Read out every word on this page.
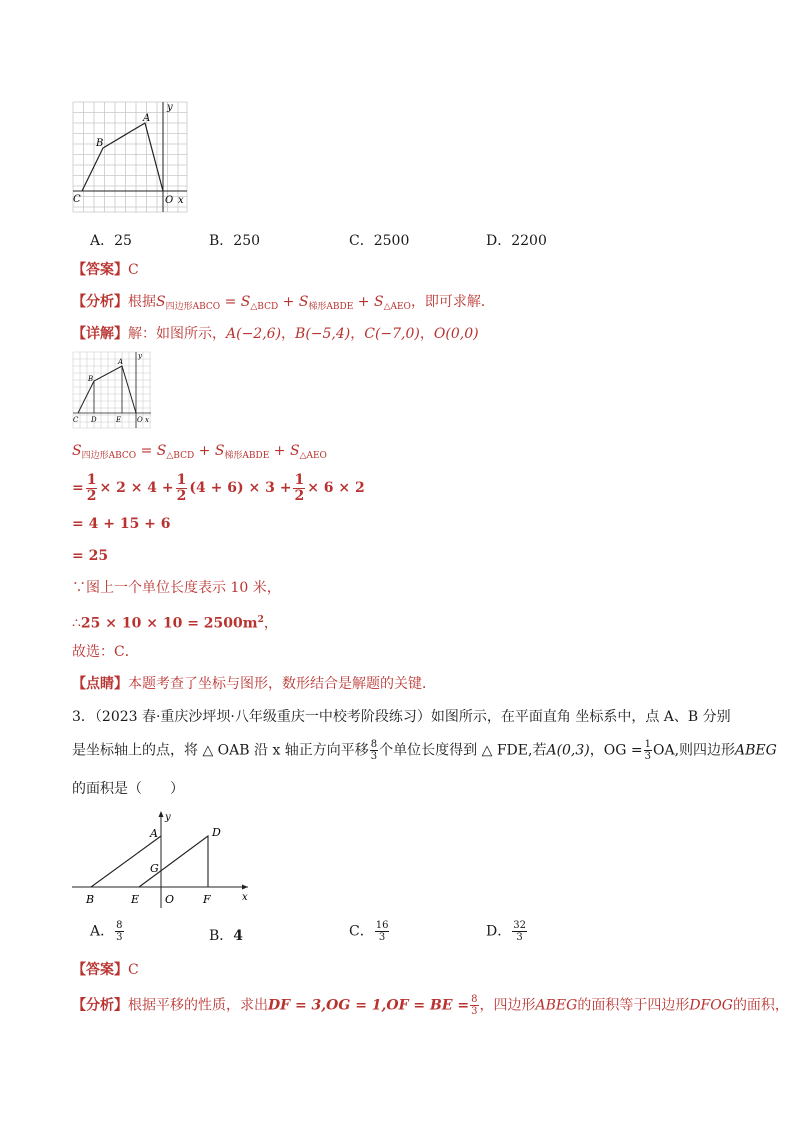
C
B
A
O x
y
A．25	B．250	C．2500	D．2200
【答案】C
【分析】根据$S_{四边形ABCO} = S_{\triangle BCD} + S_{梯形ABDE} + S_{\triangle AEO}$，即可求解．
【详解】解：如图所示，A(−2,6)，B(−5,4)，C(−7,0)，O(0,0)
C D	E
B
A
O x
y
$S_{四边形ABCO} = S_{\triangle BCD} + S_{梯形ABDE} + S_{\triangle AEO}$
= $\frac{1}{2} \times 2 \times 4 + \frac{1}{2} (4 + 6) \times 3 + \frac{1}{2} \times 6 \times 2$
= 4 + 15 + 6
= 25
∵图上一个单位长度表示 10 米，
∴25 × $10 \times 10 = 2500m^2$，
故选：C．
【点睛】本题考查了坐标与图形，数形结合是解题的关键．
3．（2023 春·重庆沙坪坝·八年级重庆一中校考阶段练习）如图所示，在平面直角 坐标系中，点 A、B 分别
是坐标轴上的点，将 △ OAB 沿 x 轴正方向平移 $\frac{8}{3}$ 个单位长度得到 △ FDE,若A(0,3)，OG = $\frac{1}{3}$ OA,则四边形ABEG
的面积是（　　）
y
A	D
G
B	E O	F	x
A． $\frac{8}{3}$	B．4	C． $\frac{16}{3}$	D． $\frac{32}{3}$
【答案】C
【分析】根据平移的性质，求出DF = 3,OG = 1,OF = BE = $\frac{8}{3}$ ，四边形ABEG的面积等于四边形DFOG的面积，
